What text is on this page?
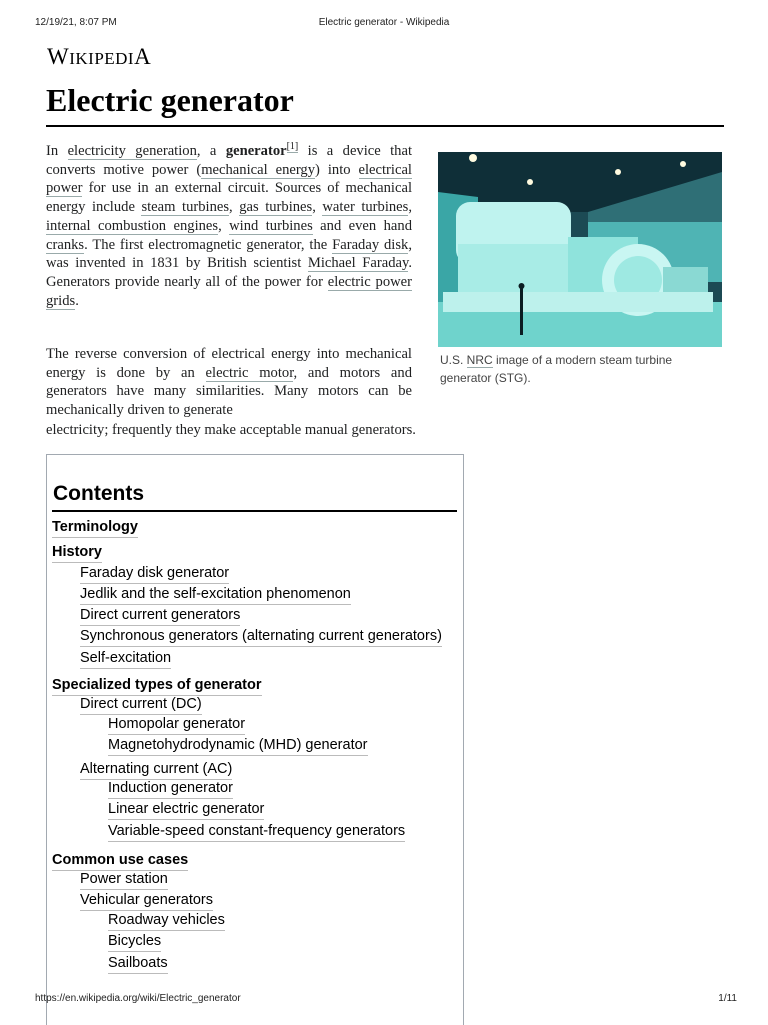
12/19/21, 8:07 PM	Electric generator - Wikipedia
WIKIPEDIA
Electric generator

In electricity generation, a generator[1] is a device that converts motive power (mechanical energy) into electrical power for use in an external circuit. Sources of mechanical energy include steam turbines, gas turbines, water turbines, internal combustion engines, wind turbines and even hand cranks. The first electromagnetic generator, the Faraday disk, was invented in 1831 by British scientist Michael Faraday. Generators provide nearly all of the power for electric power grids.

The reverse conversion of electrical energy into mechanical energy is done by an electric motor, and motors and generators have many similarities. Many motors can be mechanically driven to generate

electricity; frequently they make acceptable manual generators.

U.S. NRC image of a modern steam turbine generator (STG).

Contents
Terminology
History
Faraday disk generator
Jedlik and the self-excitation phenomenon
Direct current generators
Synchronous generators (alternating current generators)
Self-excitation
Specialized types of generator
Direct current (DC)
Homopolar generator
Magnetohydrodynamic (MHD) generator
Alternating current (AC)
Induction generator
Linear electric generator
Variable-speed constant-frequency generators
Common use cases
Power station
Vehicular generators
Roadway vehicles
Bicycles
Sailboats
https://en.wikipedia.org/wiki/Electric_generator	1/11
